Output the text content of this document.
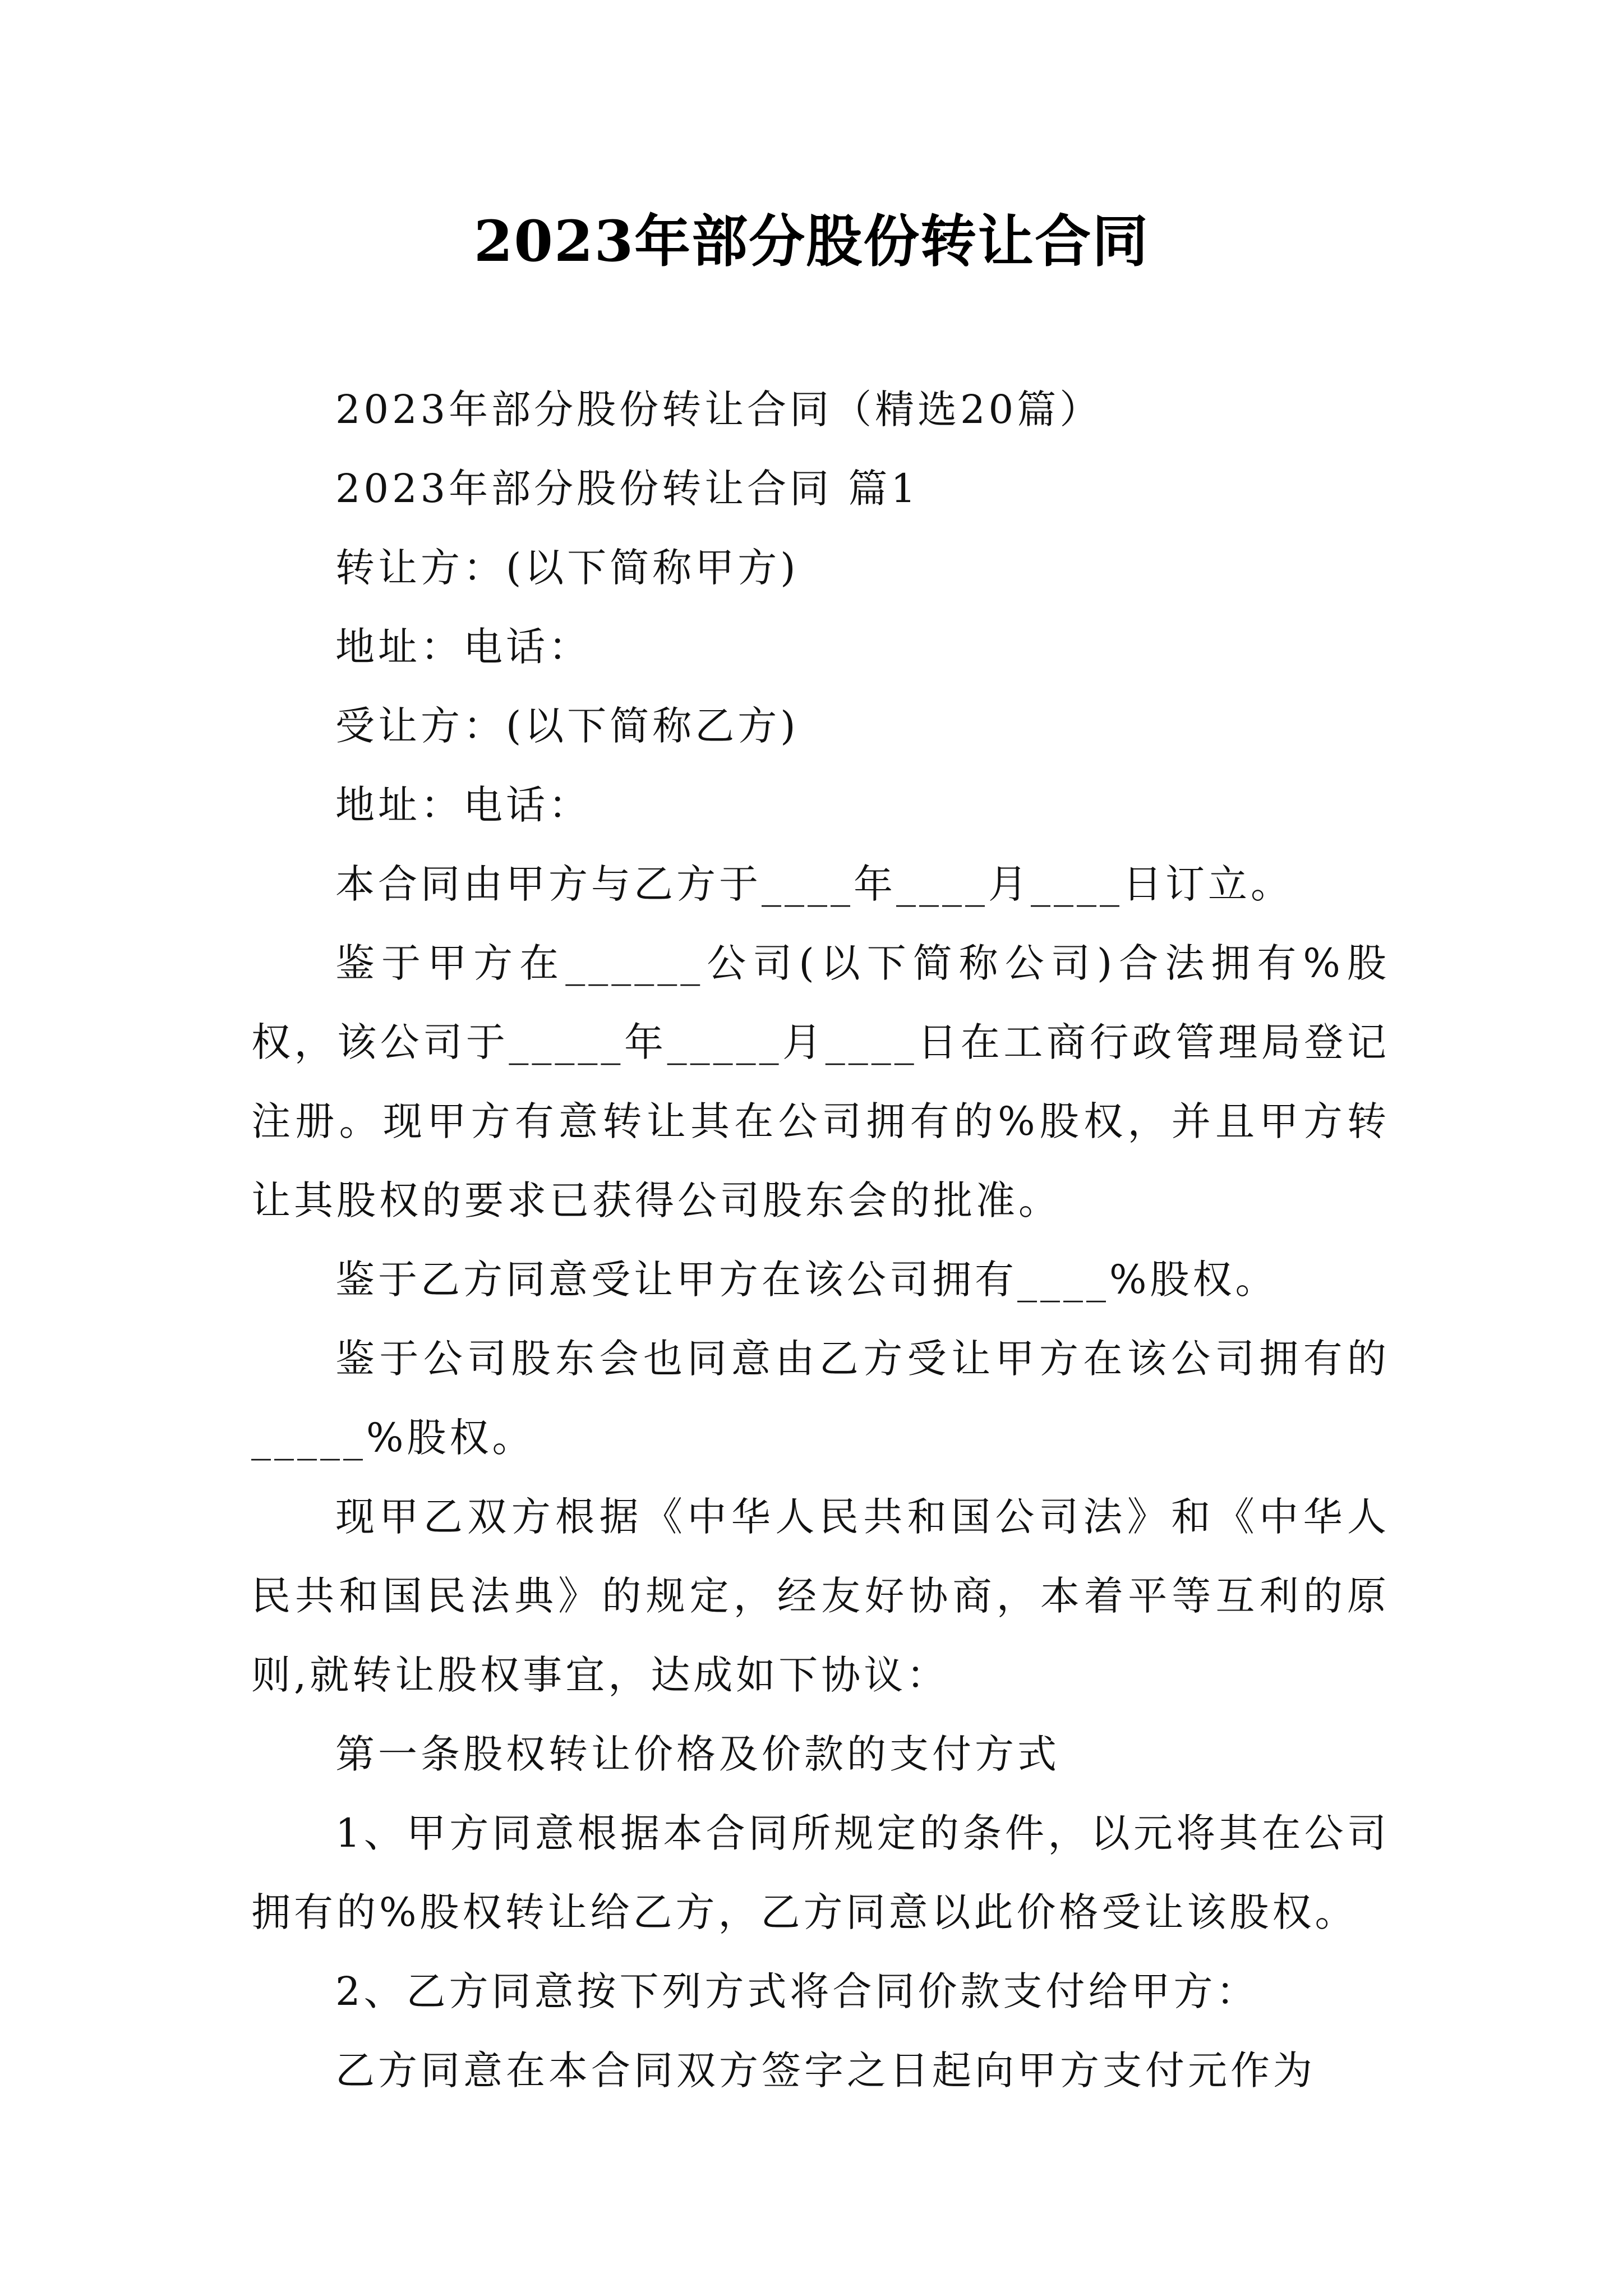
2023年部分股份转让合同

2023年部分股份转让合同（精选20篇）

2023年部分股份转让合同 篇1

转让方：(以下简称甲方)

地址：电话：

受让方：(以下简称乙方)

地址：电话：

本合同由甲方与乙方于____年____月____日订立。

鉴于甲方在______公司(以下简称公司)合法拥有%股权，该公司于_____年_____月____日在工商行政管理局登记注册。现甲方有意转让其在公司拥有的%股权，并且甲方转让其股权的要求已获得公司股东会的批准。

鉴于乙方同意受让甲方在该公司拥有____%股权。

鉴于公司股东会也同意由乙方受让甲方在该公司拥有的_____%股权。

现甲乙双方根据《中华人民共和国公司法》和《中华人民共和国民法典》的规定，经友好协商，本着平等互利的原则,就转让股权事宜，达成如下协议：

第一条股权转让价格及价款的支付方式

1、甲方同意根据本合同所规定的条件，以元将其在公司拥有的%股权转让给乙方，乙方同意以此价格受让该股权。

2、乙方同意按下列方式将合同价款支付给甲方：

乙方同意在本合同双方签字之日起向甲方支付元作为
